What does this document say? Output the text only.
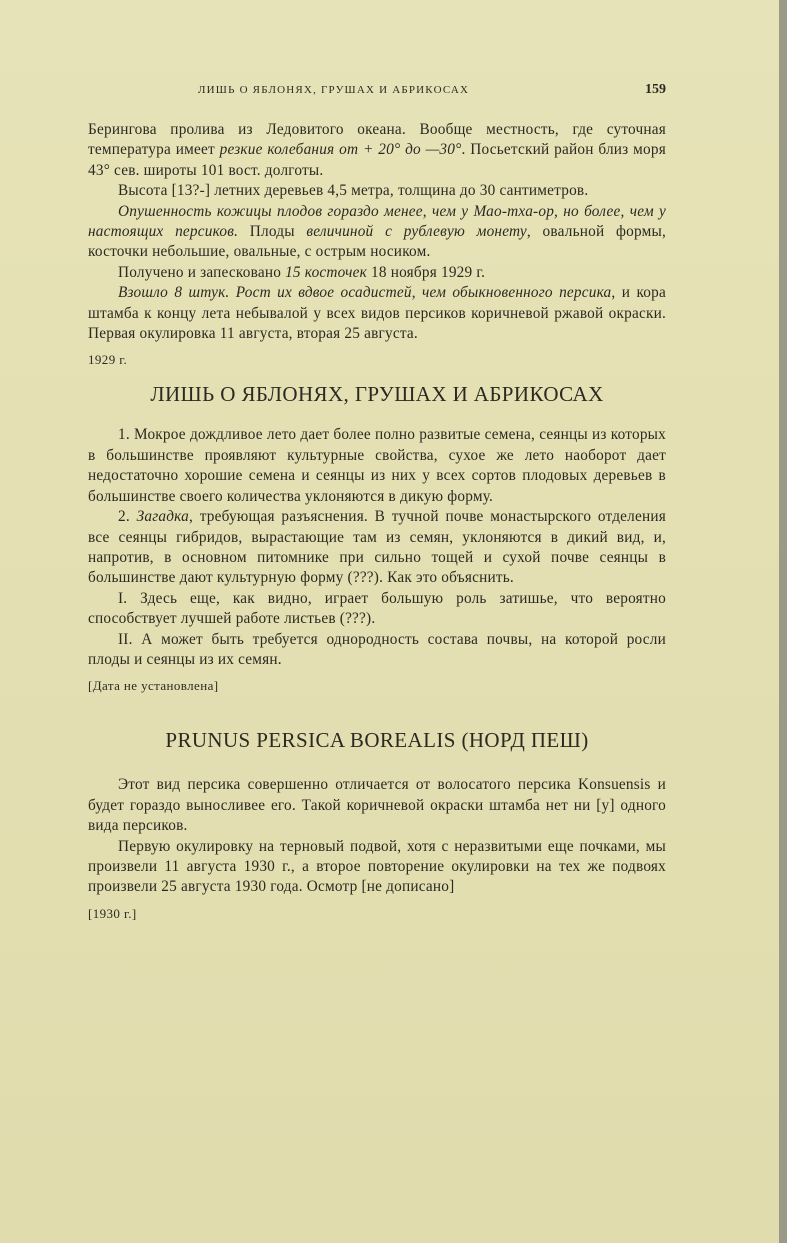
ЛИШЬ О ЯБЛОНЯХ, ГРУШАХ И АБРИКОСАХ	159

Берингова пролива из Ледовитого океана. Вообще местность, где суточная температура имеет резкие колебания от + 20° до —30°. Посьетский район близ моря 43° сев. широты 101 вост. долготы.

Высота [13?-] летних деревьев 4,5 метра, толщина до 30 сантиметров.

Опушенность кожицы плодов гораздо менее, чем у Мао-тха-ор, но более, чем у настоящих персиков. Плоды величиной с рублевую монету, овальной формы, косточки небольшие, овальные, с острым носиком.

Получено и запесковано 15 косточек 18 ноября 1929 г.

Взошло 8 штук. Рост их вдвое осадистей, чем обыкновенного персика, и кора штамба к концу лета небывалой у всех видов персиков коричневой ржавой окраски. Первая окулировка 11 августа, вторая 25 августа.

1929 г.
ЛИШЬ О ЯБЛОНЯХ, ГРУШАХ И АБРИКОСАХ

1. Мокрое дождливое лето дает более полно развитые семена, сеянцы из которых в большинстве проявляют культурные свойства, сухое же лето наоборот дает недостаточно хорошие семена и сеянцы из них у всех сортов плодовых деревьев в большинстве своего количества уклоняются в дикую форму.

2. Загадка, требующая разъяснения. В тучной почве монастырского отделения все сеянцы гибридов, вырастающие там из семян, уклоняются в дикий вид, и, напротив, в основном питомнике при сильно тощей и сухой почве сеянцы в большинстве дают культурную форму (???). Как это объяснить.

I. Здесь еще, как видно, играет большую роль затишье, что вероятно способствует лучшей работе листьев (???).

II. А может быть требуется однородность состава почвы, на которой росли плоды и сеянцы из их семян.

[Дата не установлена]
PRUNUS PERSICA BOREALIS (НОРД ПЕШ)

Этот вид персика совершенно отличается от волосатого персика Konsuensis и будет гораздо выносливее его. Такой коричневой окраски штамба нет ни [у] одного вида персиков.

Первую окулировку на терновый подвой, хотя с неразвитыми еще почками, мы произвели 11 августа 1930 г., а второе повторение окулировки на тех же подвоях произвели 25 августа 1930 года. Осмотр [не дописано]

[1930 г.]
